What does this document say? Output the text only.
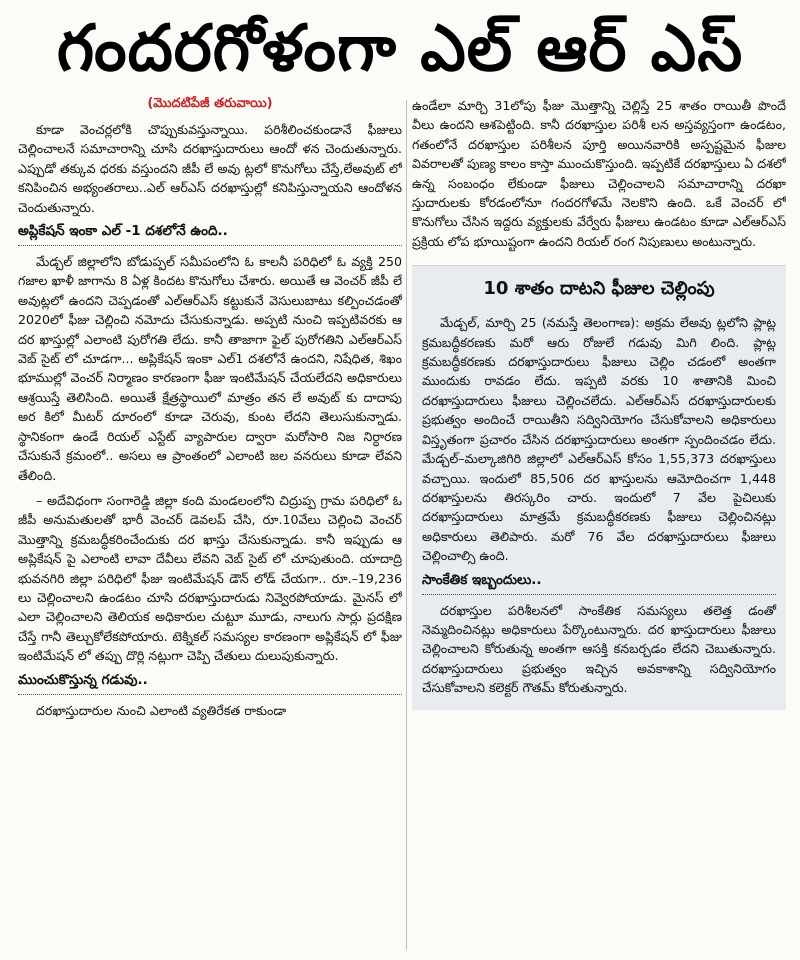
గందరగోళంగా ఎల్ ఆర్ ఎస్
(మొదటిపేజీ తరువాయి)

కూడా వెంచర్లలోకి చొప్పుకువస్తున్నాయి. పరిశీలించకుండానే ఫీజులు చెల్లించాలనే సమాచారాన్ని చూసి దరఖాస్తుదారులు ఆందో ళన చెందుతున్నారు. ఎప్పుడో తక్కువ ధరకు వస్తుందని జీపీ లే అవు ట్లలో కొనుగోలు చేస్తే,లేఅవుట్ లో కనిపించిన అభ్యంతరాలు..ఎల్ ఆర్ఎస్ దరఖాస్తుల్లో కనిపిస్తున్నాయని ఆందోళన చెందుతున్నారు.

అప్లికేషన్ ఇంకా ఎల్ -1 దశలోనే ఉంది..

మేడ్చల్ జిల్లాలోని బోడుప్పల్ సమీపంలోని ఓ కాలనీ పరిధిలో ఓ వ్యక్తి 250 గజాల ఖాళీ జాగాను 8 ఏళ్ల కిందట కొనుగోలు చేశారు. అయితే ఆ వెంచర్ జీపీ లే అవుట్లలో ఉందని చెప్పడంతో ఎల్ఆర్ఎస్ కట్టుకునే వెసులుబాటు కల్పించడంతో 2020లో ఫీజు చెల్లించి నమోదు చేసుకున్నాడు. అప్పటి నుంచి ఇప్పటివరకు ఆ దర ఖాస్తుల్లో ఎలాంటి పురోగతి లేదు. కానీ తాజాగా ఫైల్ పురోగతిని ఎల్ఆర్ఎస్ వెబ్ సైట్ లో చూడగా... అప్లికేషన్ ఇంకా ఎల్1 దశలోనే ఉందని, నిషేధిత, శిఖం భూముల్లో వెంచర్ నిర్మాణం కారణంగా ఫీజు ఇంటిమేషన్ చేయలేదని అధికారులు ఆశ్రయిస్తే తెలిసింది. అయితే క్షేత్రస్థాయిలో మాత్రం తన లే అవుట్ కు దాదాపు అర కిలో మీటర్ దూరంలో కూడా చెరువు, కుంట లేదని తెలుసుకున్నాడు. స్థానికంగా ఉండే రియల్ ఎస్టేట్ వ్యాపారుల ద్వారా మరోసారి నిజ నిర్ధారణ చేసుకునే క్రమంలో.. అసలు ఆ ప్రాంతంలో ఎలాంటి జల వనరులు కూడా లేవని తేలింది.

– అదేవిధంగా సంగారెడ్డి జిల్లా కంది మండలంలోని చిద్రుప్ప గ్రామ పరిధిలో ఓ జీపీ అనుమతులతో భారీ వెంచర్ డెవలప్ చేసి, రూ.10వేలు చెల్లించి వెంచర్ మొత్తాన్ని క్రమబద్ధీకరించేందుకు దర ఖాస్తు చేసుకున్నాడు. కానీ ఇప్పుడు ఆ అప్లికేషన్ పై ఎలాంటి లావా దేవీలు లేవని వెబ్ సైట్ లో చూపుతుంది. యాదాద్రి భువనగిరి జిల్లా పరిధిలో ఫీజు ఇంటిమేషన్ డౌన్ లోడ్ చేయగా.. రూ.–19,236 లు చెల్లించాలని ఉండటం చూసి దరఖాస్తుదారుడు నివ్వెరపోయాడు. మైనస్ లో ఎలా చెల్లించాలని తెలియక అధికారుల చుట్టూ మూడు, నాలుగు సార్లు ప్రదక్షిణ చేస్తే గానీ తెల్చుకోలేకపోయారు. టెక్నికల్ సమస్యల కారణంగా అప్లికేషన్ లో ఫీజు ఇంటిమేషన్ లో తప్పు దొర్లి నట్లుగా చెప్పి చేతులు దులుపుకున్నారు.

ముంచుకొస్తున్న గడువు..

దరఖాస్తుదారుల నుంచి ఎలాంటి వ్యతిరేకత రాకుండా

ఉండేలా మార్చి 31లోపు ఫీజు మొత్తాన్ని చెల్లిస్తే 25 శాతం రాయితీ పొందే వీలు ఉందని ఆశపెట్టింది. కానీ దరఖాస్తుల పరిశీ లన అస్తవ్యస్తంగా ఉండటం, గతంలోనే దరఖాస్తుల పరిశీలన పూర్తి అయినవారికి అస్పష్టమైన ఫీజుల వివరాలతో పుణ్య కాలం కాస్తా ముంచుకొస్తుంది. ఇప్పటికే దరఖాస్తులు ఏ దశలో ఉన్న సంబంధం లేకుండా ఫీజులు చెల్లించాలని సమాచారాన్ని దరఖా స్తుదారులకు కోరడంలోనూ గందరగోళమే నెలకొని ఉంది. ఒకే వెంచర్ లో కొనుగోలు చేసిన ఇద్దరు వ్యక్తులకు వేర్వేరు ఫీజులు ఉండటం కూడా ఎల్ఆర్ఎస్ ప్రక్రియ లోప భూయిష్టంగా ఉందని రియల్ రంగ నిపుణులు అంటున్నారు.

10 శాతం దాటని ఫీజుల చెల్లింపు

మేడ్చల్, మార్చి 25 (నమస్తే తెలంగాణ): అక్రమ లేఅవు ట్లలోని ప్లాట్ల క్రమబద్ధీకరణకు మరో ఆరు రోజులే గడువు మిగి లింది. ప్లాట్ల క్రమబద్ధీకరణకు దరఖాస్తుదారులు ఫీజులు చెల్లిం చడంలో అంతగా ముందుకు రావడం లేదు. ఇప్పటి వరకు 10 శాతానికి మించి దరఖాస్తుదారులు ఫీజులు చెల్లించలేదు. ఎల్ఆర్ఎస్ దరఖాస్తుదారులకు ప్రభుత్వం అందించే రాయితీని సద్వినియోగం చేసుకోవాలని అధికారులు విస్తృతంగా ప్రచారం చేసిన దరఖాస్తుదారులు అంతగా స్పందించడం లేదు. మేడ్చల్–మల్కాజిగిరి జిల్లాలో ఎల్ఆర్ఎస్ కోసం 1,55,373 దరఖాస్తులు వచ్చాయి. ఇందులో 85,506 దర ఖాస్తులను ఆమోదించగా 1,448 దరఖాస్తులను తిరస్కరిం చారు. ఇందులో 7 వేల పైచిలుకు దరఖాస్తుదారులు మాత్రమే క్రమబద్ధీకరణకు ఫీజులు చెల్లించినట్లు అధికారులు తెలిపారు. మరో 76 వేల దరఖాస్తుదారులు ఫీజులు చెల్లించాల్సి ఉంది.

సాంకేతిక ఇబ్బందులు..

దరఖాస్తుల పరిశీలనలో సాంకేతిక సమస్యలు తలెత్త డంతో నెమ్మదించినట్లు అధికారులు పేర్కొంటున్నారు. దర ఖాస్తుదారులు ఫీజులు చెల్లించాలని కోరుతున్న అంతగా ఆసక్తి కనబర్చడం లేదని చెబుతున్నారు. దరఖాస్తుదారులు ప్రభుత్వం ఇచ్చిన అవకాశాన్ని సద్వినియోగం చేసుకోవాలని కలెక్టర్ గౌతమ్ కోరుతున్నారు.
